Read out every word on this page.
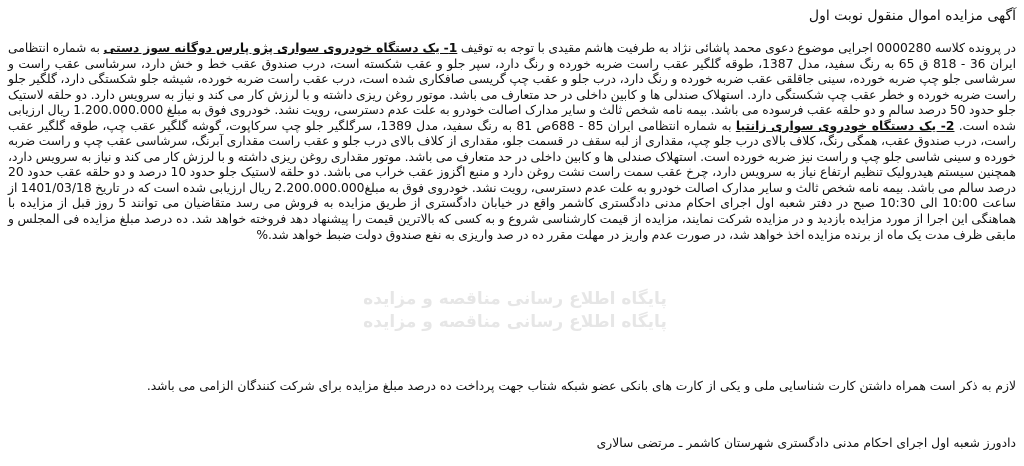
آگهی مزایده اموال منقول نوبت اول
در پرونده کلاسه 0000280 اجرایی موضوع دعوی محمد پاشائی نژاد به طرفیت هاشم مقیدی با توجه به توقیف 1- یک دستگاه خودروی سواری پژو پارس دوگانه سوز دستی به شماره انتظامی ایران 36 - 818 ق 65 به رنگ سفید، مدل 1387، طوقه گلگیر عقب راست ضربه خورده و رنگ دارد، سپر جلو و عقب شکسته است، درب صندوق عقب خط و خش دارد، سرشاسی عقب راست و سرشاسی جلو چپ ضربه خورده، سینی جاقلقی عقب ضربه خورده و رنگ دارد، درب جلو و عقب چپ گریسی صافکاری شده است، درب عقب راست ضربه خورده، شیشه جلو شکستگی دارد، گلگیر جلو راست ضربه خورده و خطر عقب چپ شکستگی دارد. استهلاک صندلی ها و کابین داخلی در حد متعارف می باشد. موتور روغن ریزی داشته و با لرزش کار می کند و نیاز به سرویس دارد. دو حلقه لاستیک جلو حدود 50 درصد سالم و دو حلقه عقب فرسوده می باشد. بیمه نامه شخص ثالث و سایر مدارک اصالت خودرو به علت عدم دسترسی، رویت نشد. خودروی فوق به مبلغ 1.200.000.000 ریال ارزیابی شده است. 2- یک دستگاه خودروی سواری زانتیا به شماره انتظامی ایران 85 - 688ص 81 به رنگ سفید، مدل 1389، سرگلگیر جلو چپ سرکاپوت، گوشه گلگیر عقب چپ، طوقه گلگیر عقب راست، درب صندوق عقب، همگی رنگ، کلاف بالای درب جلو چپ، مقداری از لبه سقف در قسمت جلو، مقداری از کلاف بالای درب جلو و عقب راست مقداری آبرنگ، سرشاسی عقب چپ و راست ضربه خورده و سینی شاسی جلو چپ و راست نیز ضربه خورده است. استهلاک صندلی ها و کابین داخلی در حد متعارف می باشد. موتور مقداری روغن ریزی داشته و با لرزش کار می کند و نیاز به سرویس دارد، همچنین سیستم هیدرولیک تنظیم ارتفاع نیاز به سرویس دارد، چرخ عقب سمت راست نشت روغن دارد و منبع اگزوز عقب خراب می باشد. دو حلقه لاستیک جلو حدود 10 درصد و دو حلقه عقب حدود 20 درصد سالم می باشد. بیمه نامه شخص ثالث و سایر مدارک اصالت خودرو به علت عدم دسترسی، رویت نشد. خودروی فوق به مبلغ2.200.000.000 ریال ارزیابی شده است که در تاریخ 1401/03/18 از ساعت 10:00 الی 10:30 صبح در دفتر شعبه اول اجرای احکام مدنی دادگستری کاشمر واقع در خیابان دادگستری از طریق مزایده به فروش می رسد متقاضیان می توانند 5 روز قبل از مزایده با هماهنگی این اجرا از مورد مزایده بازدید و در مزایده شرکت نمایند، مزایده از قیمت کارشناسی شروع و به کسی که بالاترین قیمت را پیشنهاد دهد فروخته خواهد شد. ده درصد مبلغ مزایده فی المجلس و مابقی ظرف مدت یک ماه از برنده مزایده اخذ خواهد شد، در صورت عدم واریز در مهلت مقرر ده در صد واریزی به نفع صندوق دولت ضبط خواهد شد.%
لازم به ذکر است همراه داشتن کارت شناسایی ملی و یکی از کارت های بانکی عضو شبکه شتاب جهت پرداخت ده درصد مبلغ مزایده برای شرکت کنندگان الزامی می باشد.
دادورز شعبه اول اجرای احکام مدنی دادگستری شهرستان کاشمر ـ مرتضی سالاری
پایگاه اطلاع رسانی مناقصه و مزایده
پایگاه اطلاع رسانی مناقصه و مزایده
